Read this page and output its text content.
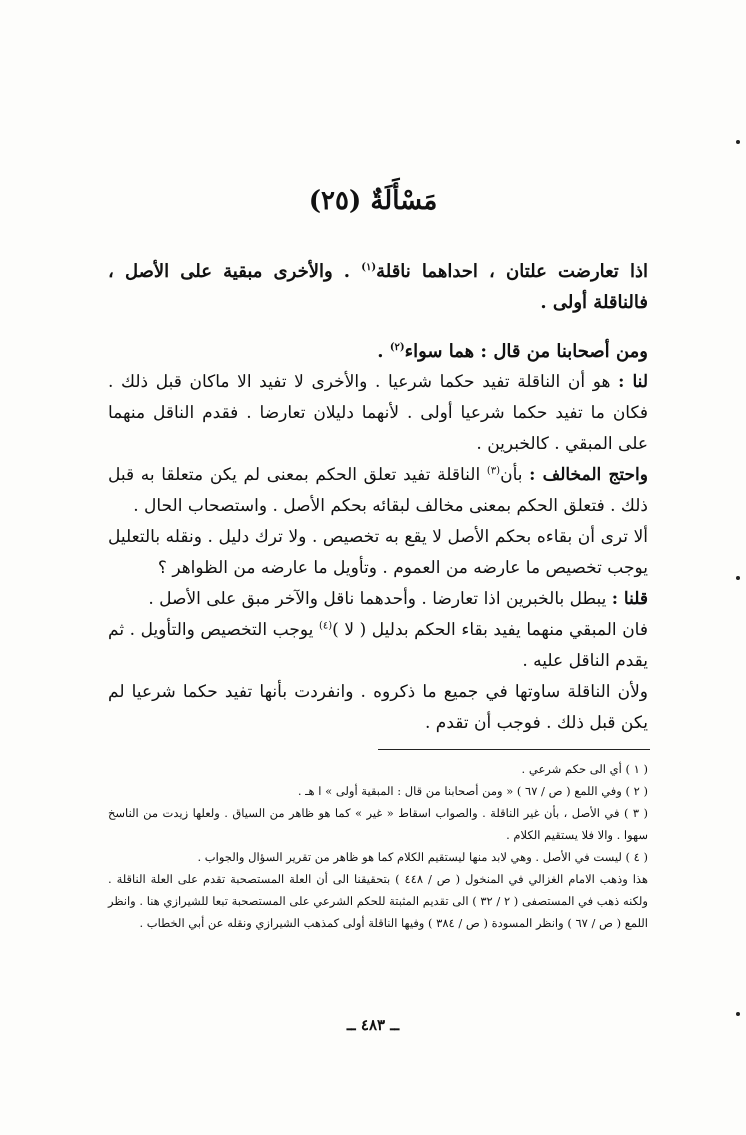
مَسْأَلَةٌ (٢٥)

اذا تعارضت علتان ، احداهما ناقلة$^{(١)}$ . والأخرى مبقية على الأصل ، فالناقلة أولى .

ومن أصحابنا من قال : هما سواء$^{(٢)}$ .

لنا : هو أن الناقلة تفيد حكما شرعيا . والأخرى لا تفيد الا ماكان قبل ذلك . فكان ما تفيد حكما شرعيا أولى . لأنهما دليلان تعارضا . فقدم الناقل منهما على المبقي . كالخبرين .

واحتج المخالف : بأن$^{(٣)}$ الناقلة تفيد تعلق الحكم بمعنى لم يكن متعلقا به قبل ذلك . فتعلق الحكم بمعنى مخالف لبقائه بحكم الأصل . واستصحاب الحال .

ألا ترى أن بقاءه بحكم الأصل لا يقع به تخصيص . ولا ترك دليل . ونقله بالتعليل يوجب تخصيص ما عارضه من العموم . وتأويل ما عارضه من الظواهر ؟

قلنا : يبطل بالخبرين اذا تعارضا . وأحدهما ناقل والآخر مبق على الأصل .

فان المبقي منهما يفيد بقاء الحكم بدليل ( لا )$^{(٤)}$ يوجب التخصيص والتأويل . ثم يقدم الناقل عليه .

ولأن الناقلة ساوتها في جميع ما ذكروه . وانفردت بأنها تفيد حكما شرعيا لم يكن قبل ذلك . فوجب أن تقدم .

( ١ ) أي الى حكم شرعي .
( ٢ ) وفي اللمع ( ص / ٦٧ ) « ومن أصحابنا من قال : المبقية أولى » ا هـ .
( ٣ ) في الأصل ، بأن غير الناقلة . والصواب اسقاط « غير » كما هو ظاهر من السياق . ولعلها زيدت من الناسخ سهوا . والا فلا يستقيم الكلام .
( ٤ ) ليست في الأصل . وهي لابد منها ليستقيم الكلام كما هو ظاهر من تقرير السؤال والجواب .
هذا وذهب الامام الغزالي في المنخول ( ص / ٤٤٨ ) بتحقيقنا الى أن العلة المستصحبة تقدم على العلة الناقلة . ولكنه ذهب في المستصفى ( ٢ / ٣٢ ) الى تقديم المثبتة للحكم الشرعي على المستصحبة تبعا للشيرازي هنا . وانظر اللمع ( ص / ٦٧ ) وانظر المسودة ( ص / ٣٨٤ ) وفيها الناقلة أولى كمذهب الشيرازي ونقله عن أبي الخطاب .
ــ ٤٨٣ ــ
